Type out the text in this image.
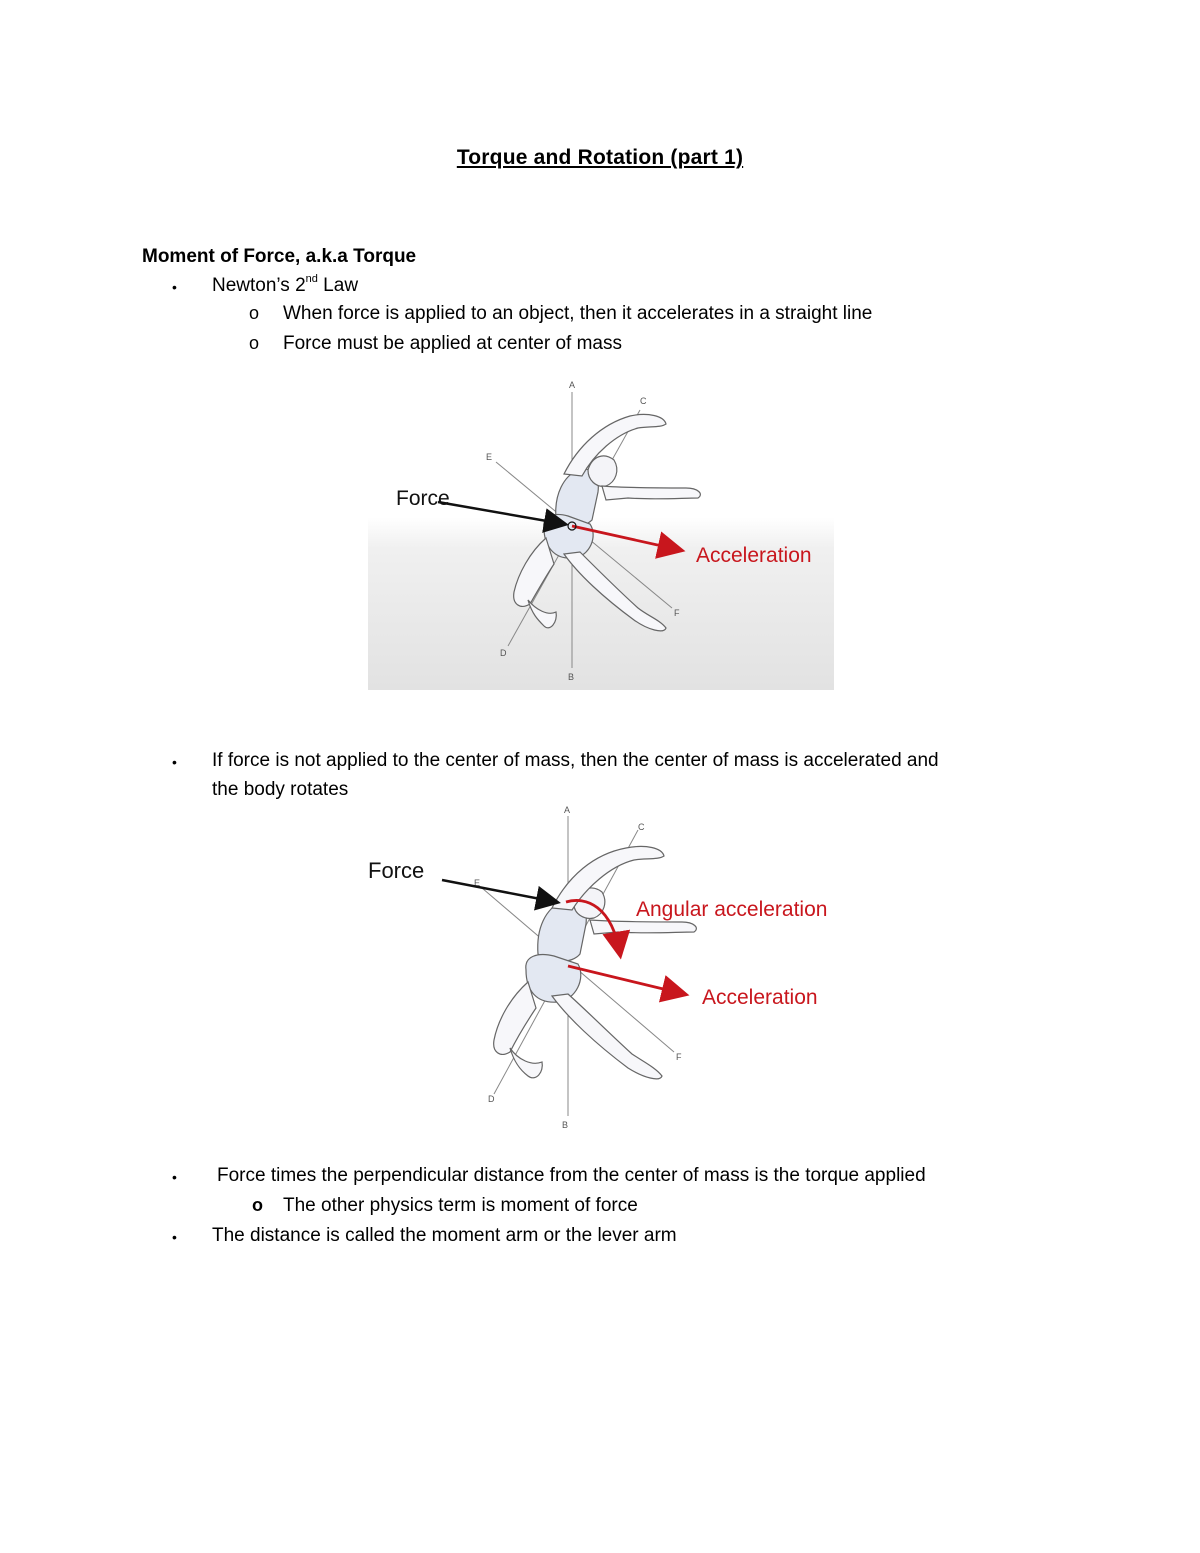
Torque and Rotation (part 1)
Moment of Force, a.k.a Torque
• Newton’s 2nd Law
o When force is applied to an object, then it accelerates in a straight line
o Force must be applied at center of mass
A
B
C
D
E
F
Force
Acceleration
• If force is not applied to the center of mass, then the center of mass is accelerated and
the body rotates
A
B
C
D
E
F
Force
Angular acceleration
Acceleration
• Force times the perpendicular distance from the center of mass is the torque applied
o The other physics term is moment of force
• The distance is called the moment arm or the lever arm
